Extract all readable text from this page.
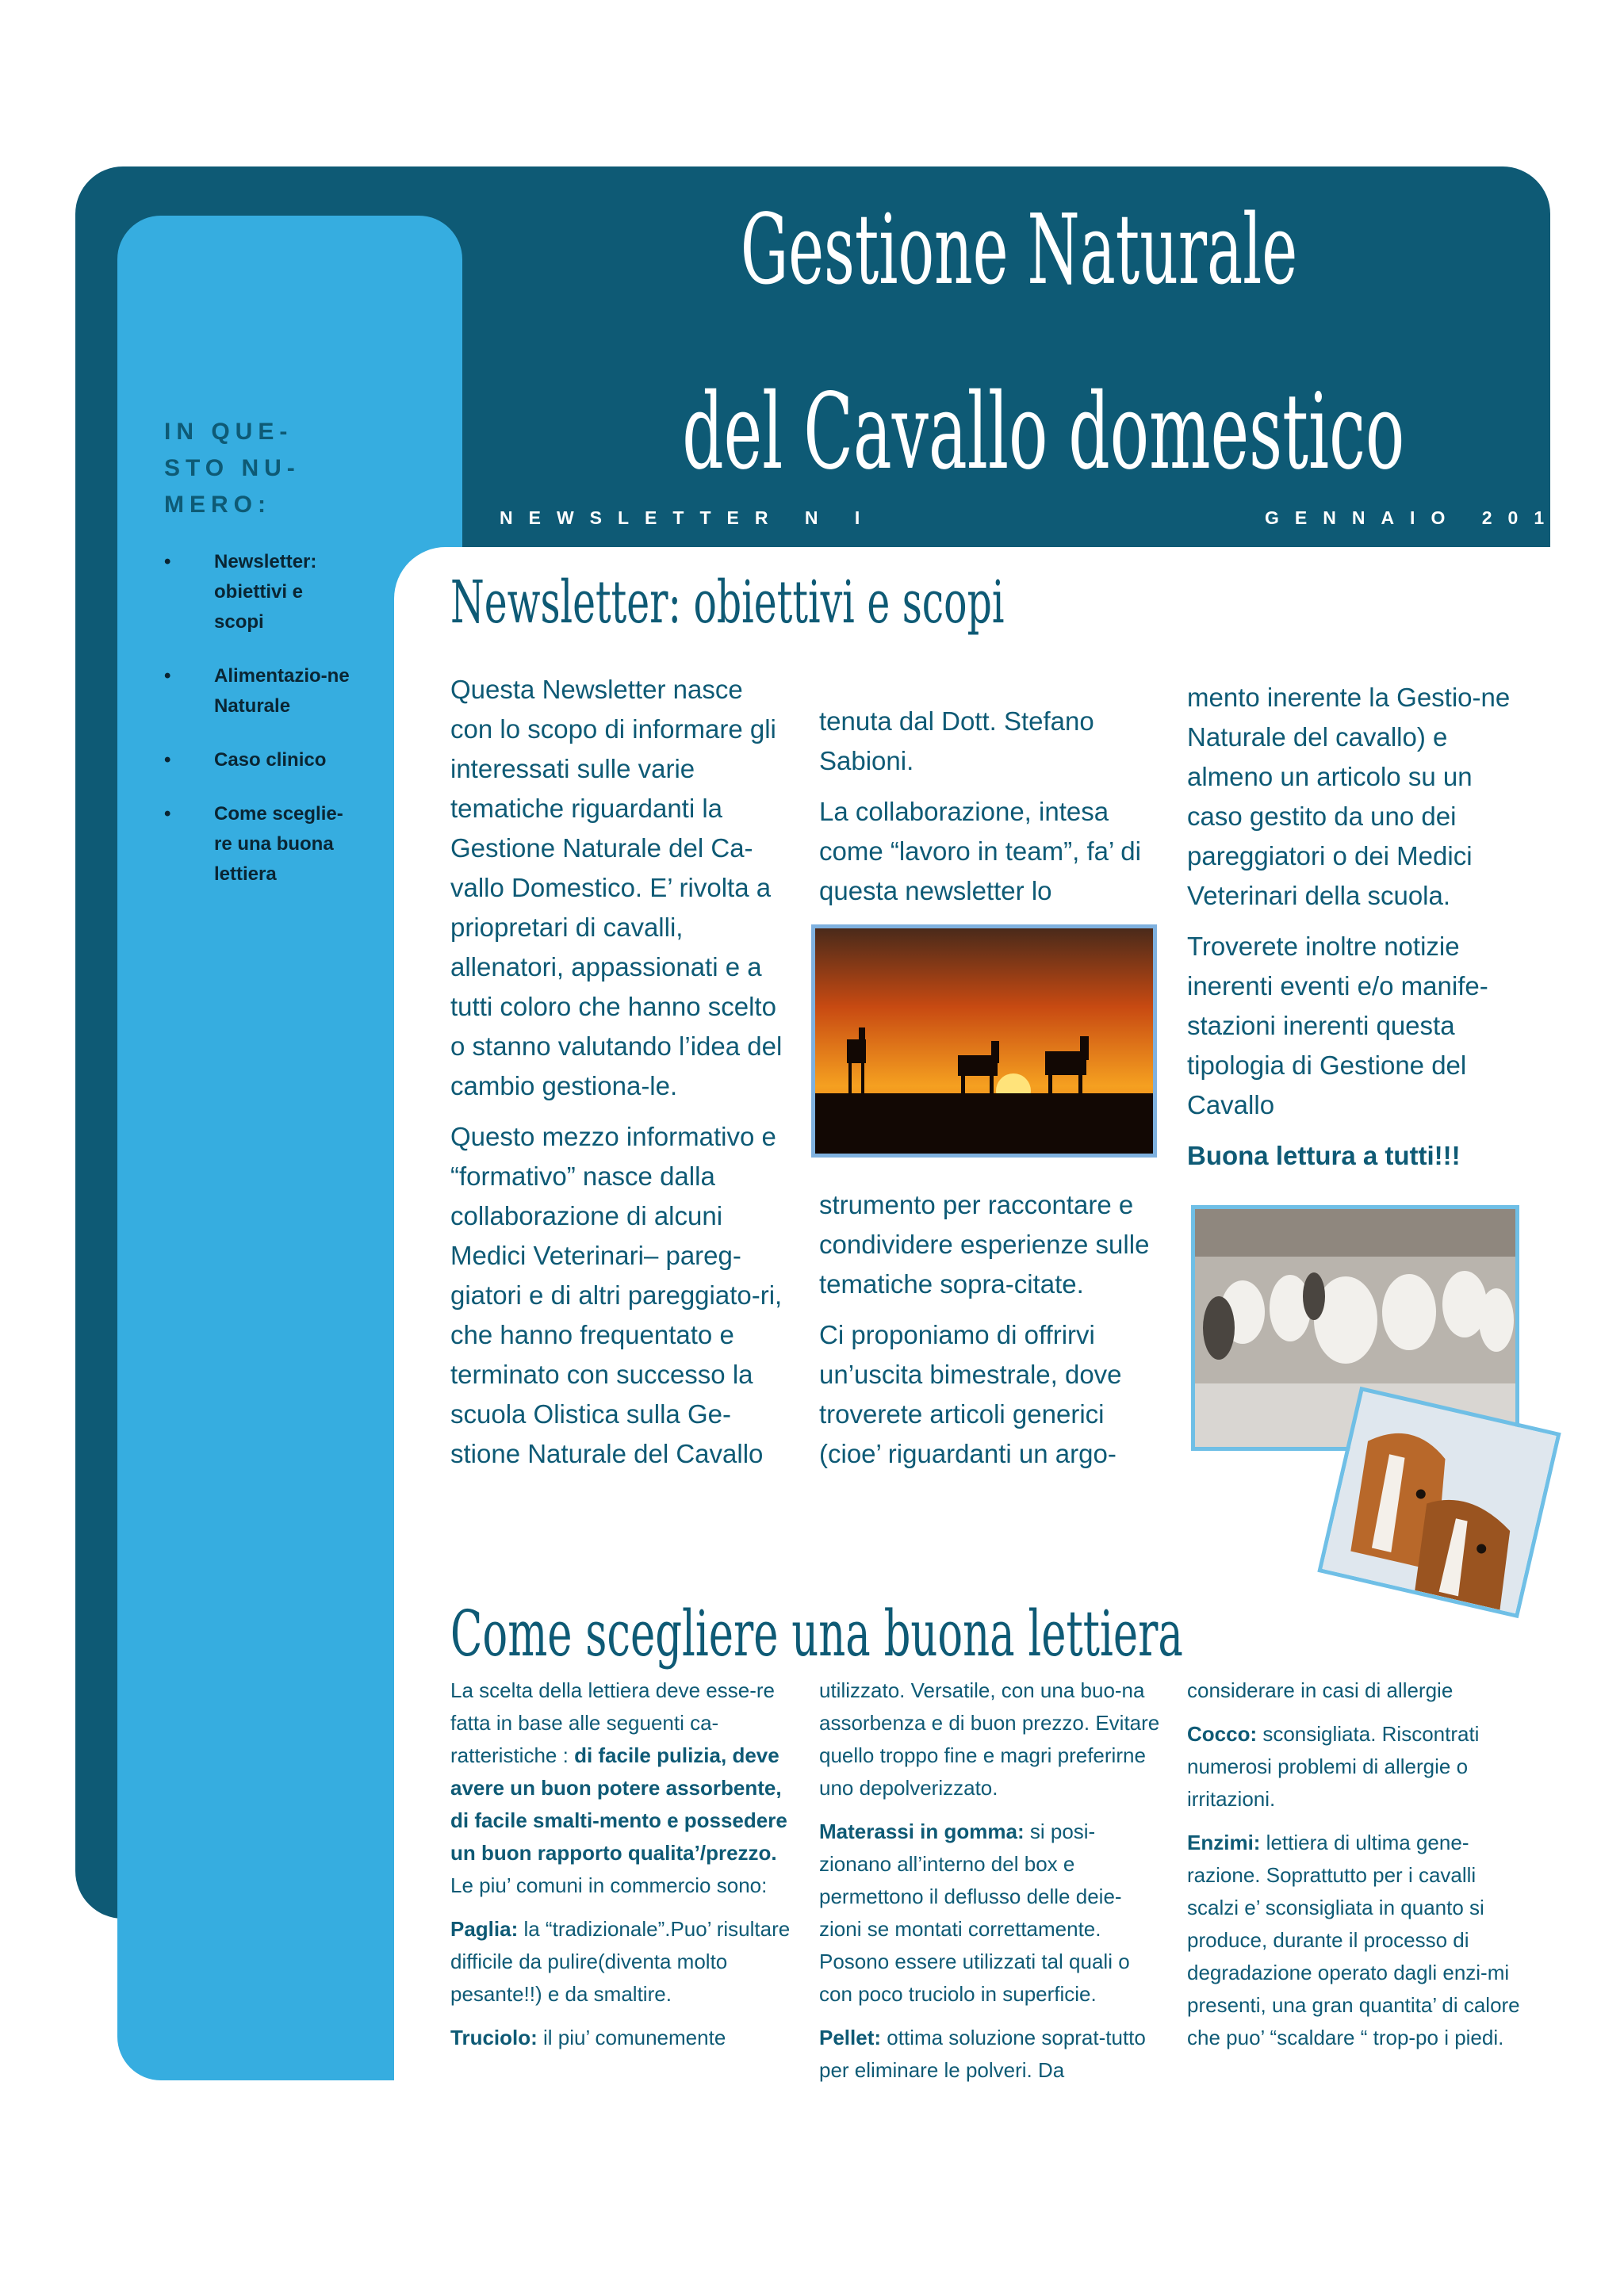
Gestione Naturale
del Cavallo domestico
NEWSLETTER N I	GENNAIO 2012
IN QUE-STO NU-MERO:
• Newsletter: obiettivi e scopi
• Alimentazio-ne Naturale
• Caso clinico
• Come sceglie-re una buona lettiera
Newsletter: obiettivi e scopi

Questa Newsletter nasce con lo scopo di informare gli interessati sulle varie tematiche riguardanti la Gestione Naturale del Ca-vallo Domestico. E’ rivolta a priopretari di cavalli, allenatori, appassionati e a tutti coloro che hanno scelto o stanno valutando l’idea del cambio gestiona-le.

Questo mezzo informativo e “formativo” nasce dalla collaborazione di alcuni Medici Veterinari– pareg-giatori e di altri pareggiato-ri, che hanno frequentato e terminato con successo la scuola Olistica sulla Ge-stione Naturale del Cavallo

tenuta dal Dott. Stefano Sabioni.

La collaborazione, intesa come “lavoro in team”, fa’ di questa newsletter lo

strumento per raccontare e condividere esperienze sulle tematiche sopra-citate.

Ci proponiamo di offrirvi un’uscita bimestrale, dove troverete articoli generici (cioe’ riguardanti un argo-

mento inerente la Gestio-ne Naturale del cavallo) e almeno un articolo su un caso gestito da uno dei pareggiatori o dei Medici Veterinari della scuola.

Troverete inoltre notizie inerenti eventi e/o manife-stazioni inerenti questa tipologia di Gestione del Cavallo

Buona lettura a tutti!!!

Come scegliere una buona lettiera

La scelta della lettiera deve esse-re fatta in base alle seguenti ca-ratteristiche : di facile pulizia, deve avere un buon potere assorbente, di facile smalti-mento e possedere un buon rapporto qualita’/prezzo. Le piu’ comuni in commercio sono:

Paglia: la “tradizionale”.Puo’ risultare difficile da pulire(diventa molto pesante!!) e da smaltire.

Truciolo: il piu’ comunemente

utilizzato. Versatile, con una buo-na assorbenza e di buon prezzo. Evitare quello troppo fine e magri preferirne uno depolverizzato.

Materassi in gomma: si posi-zionano all’interno del box e permettono il deflusso delle deie-zioni se montati correttamente. Posono essere utilizzati tal quali o con poco truciolo in superficie.

Pellet: ottima soluzione soprat-tutto per eliminare le polveri. Da

considerare in casi di allergie

Cocco: sconsigliata. Riscontrati numerosi problemi di allergie o irritazioni.

Enzimi: lettiera di ultima gene-razione. Soprattutto per i cavalli scalzi e’ sconsigliata in quanto si produce, durante il processo di degradazione operato dagli enzi-mi presenti, una gran quantita’ di calore che puo’ “scaldare “ trop-po i piedi.
